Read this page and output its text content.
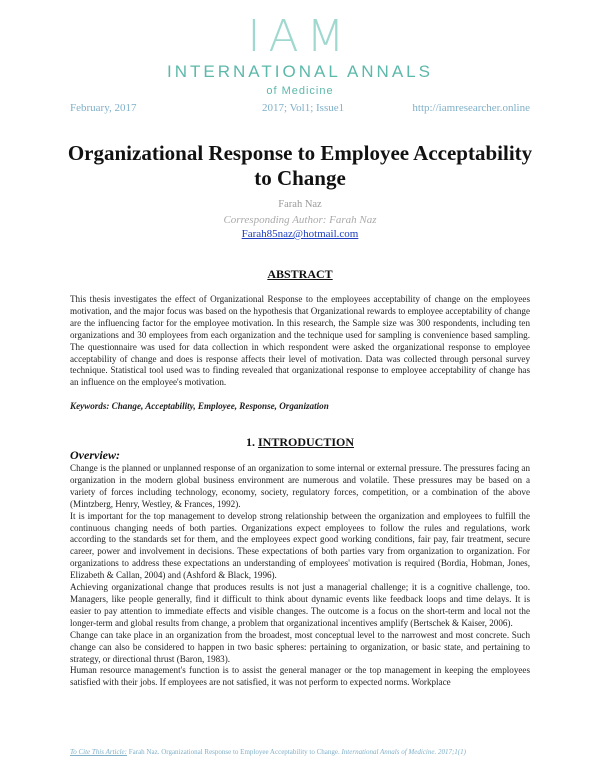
IAM
INTERNATIONAL ANNALS
of Medicine
February, 2017	2017; Vol1; Issue1	http://iamresearcher.online
Organizational Response to Employee Acceptability to Change
Farah Naz
Corresponding Author: Farah Naz
Farah85naz@hotmail.com
ABSTRACT
This thesis investigates the effect of Organizational Response to the employees acceptability of change on the employees motivation, and the major focus was based on the hypothesis that Organizational rewards to employee acceptability of change are the influencing factor for the employee motivation. In this research, the Sample size was 300 respondents, including ten organizations and 30 employees from each organization and the technique used for sampling is convenience based sampling. The questionnaire was used for data collection in which respondent were asked the organizational response to employee acceptability of change and does is response affects their level of motivation. Data was collected through personal survey technique. Statistical tool used was to finding revealed that organizational response to employee acceptability of change has an influence on the employee's motivation.
Keywords: Change, Acceptability, Employee, Response, Organization
1. INTRODUCTION
Overview:

Change is the planned or unplanned response of an organization to some internal or external pressure. The pressures facing an organization in the modern global business environment are numerous and volatile. These pressures may be based on a variety of forces including technology, economy, society, regulatory forces, competition, or a combination of the above (Mintzberg, Henry, Westley, & Frances, 1992).

It is important for the top management to develop strong relationship between the organization and employees to fulfill the continuous changing needs of both parties. Organizations expect employees to follow the rules and regulations, work according to the standards set for them, and the employees expect good working conditions, fair pay, fair treatment, secure career, power and involvement in decisions. These expectations of both parties vary from organization to organization. For organizations to address these expectations an understanding of employees' motivation is required (Bordia, Hobman, Jones, Elizabeth & Callan, 2004) and (Ashford & Black, 1996).

Achieving organizational change that produces results is not just a managerial challenge; it is a cognitive challenge, too. Managers, like people generally, find it difficult to think about dynamic events like feedback loops and time delays. It is easier to pay attention to immediate effects and visible changes. The outcome is a focus on the short-term and local not the longer-term and global results from change, a problem that organizational incentives amplify (Bertschek & Kaiser, 2006).

Change can take place in an organization from the broadest, most conceptual level to the narrowest and most concrete. Such change can also be considered to happen in two basic spheres: pertaining to organization, or basic state, and pertaining to strategy, or directional thrust (Baron, 1983).

Human resource management's function is to assist the general manager or the top management in keeping the employees satisfied with their jobs. If employees are not satisfied, it was not perform to expected norms. Workplace

To Cite This Article: Farah Naz. Organizational Response to Employee Acceptability to Change. International Annals of Medicine. 2017;1(1)
